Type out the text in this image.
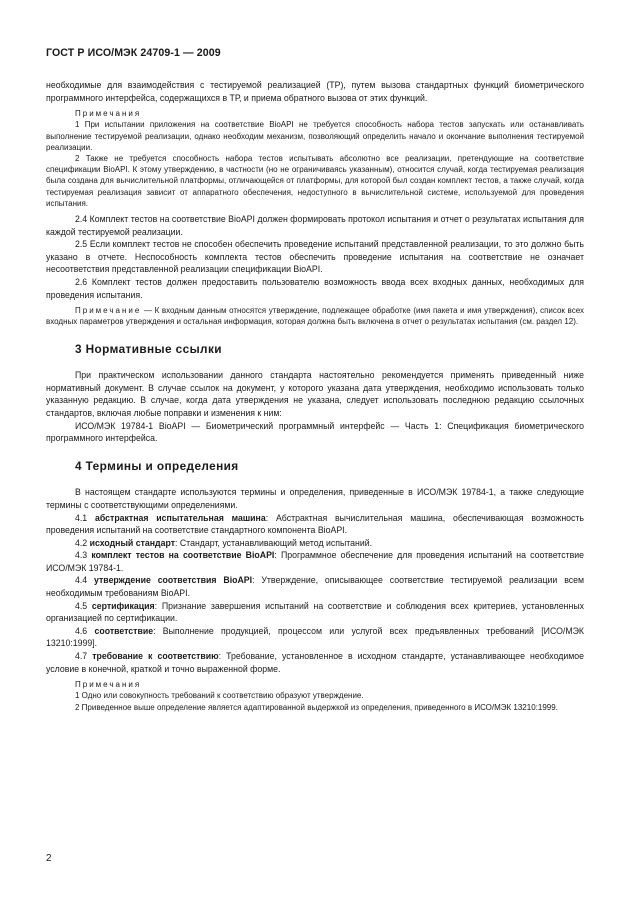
ГОСТ Р ИСО/МЭК 24709-1 — 2009

необходимые для взаимодействия с тестируемой реализацией (ТР), путем вызова стандартных функций биометрического программного интерфейса, содержащихся в ТР, и приема обратного вызова от этих функций.

Примечания

1 При испытании приложения на соответствие BioAPI не требуется способность набора тестов запускать или останавливать выполнение тестируемой реализации, однако необходим механизм, позволяющий определить начало и окончание выполнения тестируемой реализации.

2 Также не требуется способность набора тестов испытывать абсолютно все реализации, претендующие на соответствие спецификации BioAPI. К этому утверждению, в частности (но не ограничиваясь указанным), относится случай, когда тестируемая реализация была создана для вычислительной платформы, отличающейся от платформы, для которой был создан комплект тестов, а также случай, когда тестируемая реализация зависит от аппаратного обеспечения, недоступного в вычислительной системе, используемой для проведения испытания.

2.4 Комплект тестов на соответствие BioAPI должен формировать протокол испытания и отчет о результатах испытания для каждой тестируемой реализации.

2.5 Если комплект тестов не способен обеспечить проведение испытаний представленной реализации, то это должно быть указано в отчете. Неспособность комплекта тестов обеспечить проведение испытания на соответствие не означает несоответствия представленной реализации спецификации BioAPI.

2.6 Комплект тестов должен предоставить пользователю возможность ввода всех входных данных, необходимых для проведения испытания.

Примечание — К входным данным относятся утверждение, подлежащее обработке (имя пакета и имя утверждения), список всех входных параметров утверждения и остальная информация, которая должна быть включена в отчет о результатах испытания (см. раздел 12).

3 Нормативные ссылки

При практическом использовании данного стандарта настоятельно рекомендуется применять приведенный ниже нормативный документ. В случае ссылок на документ, у которого указана дата утверждения, необходимо использовать только указанную редакцию. В случае, когда дата утверждения не указана, следует использовать последнюю редакцию ссылочных стандартов, включая любые поправки и изменения к ним:

ИСО/МЭК 19784-1 BioAPI — Биометрический программный интерфейс — Часть 1: Спецификация биометрического программного интерфейса.

4 Термины и определения

В настоящем стандарте используются термины и определения, приведенные в ИСО/МЭК 19784-1, а также следующие термины с соответствующими определениями.

4.1 абстрактная испытательная машина: Абстрактная вычислительная машина, обеспечивающая возможность проведения испытаний на соответствие стандартного компонента BioAPI.

4.2 исходный стандарт: Стандарт, устанавливающий метод испытаний.

4.3 комплект тестов на соответствие BioAPI: Программное обеспечение для проведения испытаний на соответствие ИСО/МЭК 19784-1.

4.4 утверждение соответствия BioAPI: Утверждение, описывающее соответствие тестируемой реализации всем необходимым требованиям BioAPI.

4.5 сертификация: Признание завершения испытаний на соответствие и соблюдения всех критериев, установленных организацией по сертификации.

4.6 соответствие: Выполнение продукцией, процессом или услугой всех предъявленных требований [ИСО/МЭК 13210:1999].

4.7 требование к соответствию: Требование, установленное в исходном стандарте, устанавливающее необходимое условие в конечной, краткой и точно выраженной форме.

Примечания

1 Одно или совокупность требований к соответствию образуют утверждение.

2 Приведенное выше определение является адаптированной выдержкой из определения, приведенного в ИСО/МЭК 13210:1999.

2
